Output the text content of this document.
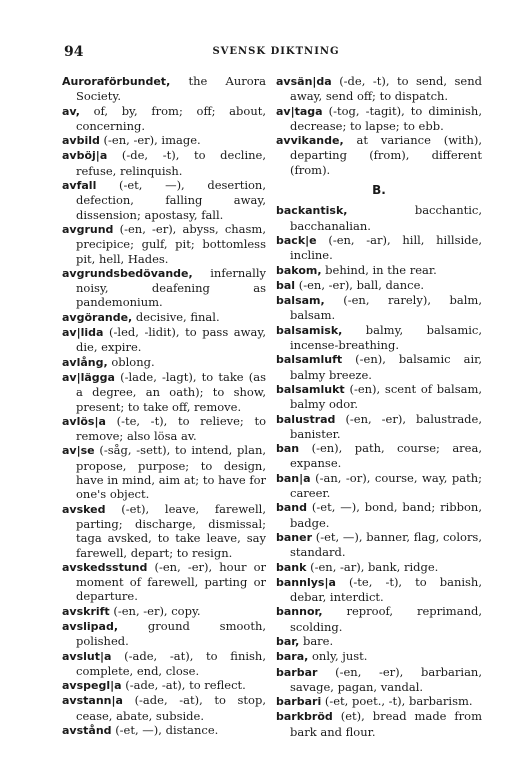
94	SVENSK DIKTNING
Auroraförbundet, the Aurora Society.
av, of, by, from; off; about, concerning.
avbild (-en, -er), image.
avböj|a (-de, -t), to decline, refuse, relinquish.
avfall (-et, —), desertion, defection, falling away, dissension; apostasy, fall.
avgrund (-en, -er), abyss, chasm, precipice; gulf, pit; bottomless pit, hell, Hades.
avgrundsbedövande, infernally noisy, deafening as pandemonium.
avgörande, decisive, final.
av|lida (-led, -lidit), to pass away, die, expire.
avlång, oblong.
av|lägga (-lade, -lagt), to take (as a degree, an oath); to show, present; to take off, remove.
avlös|a (-te, -t), to relieve; to remove; also lösa av.
av|se (-såg, -sett), to intend, plan, propose, purpose; to design, have in mind, aim at; to have for one's object.
avsked (-et), leave, farewell, parting; discharge, dismissal; taga avsked, to take leave, say farewell, depart; to resign.
avskedsstund (-en, -er), hour or moment of farewell, parting or departure.
avskrift (-en, -er), copy.
avslipad,	ground smooth, polished.
avslut|a (-ade, -at), to finish, complete, end, close.
avspegl|a (-ade, -at), to reflect.
avstann|a (-ade, -at), to stop, cease, abate, subside.
avstånd (-et, —), distance.
avsän|da (-de, -t), to send, send away, send off; to dispatch.
av|taga (-tog, -tagit), to diminish, decrease; to lapse; to ebb.
avvikande, at variance (with), departing (from), different (from).
B.
backantisk,	bacchantic, bacchanalian.
back|e (-en, -ar), hill, hillside, incline.
bakom, behind, in the rear.
bal (-en, -er), ball, dance.
balsam, (-en, rarely), balm, balsam.
balsamisk, balmy, balsamic, incense-breathing.
balsamluft (-en), balsamic air, balmy breeze.
balsamlukt (-en), scent of balsam, balmy odor.
balustrad (-en, -er), balustrade, banister.
ban (-en), path, course; area, expanse.
ban|a (-an, -or), course, way, path; career.
band (-et, —), bond, band; ribbon, badge.
baner (-et, —), banner, flag, colors, standard.
bank (-en, -ar), bank, ridge.
bannlys|a (-te, -t), to banish, debar, interdict.
bannor, reproof, reprimand, scolding.
bar, bare.
bara, only, just.
barbar (-en, -er), barbarian, savage, pagan, vandal.
barbari (-et, poet., -t), barbarism.
barkbröd (et), bread made from bark and flour.
